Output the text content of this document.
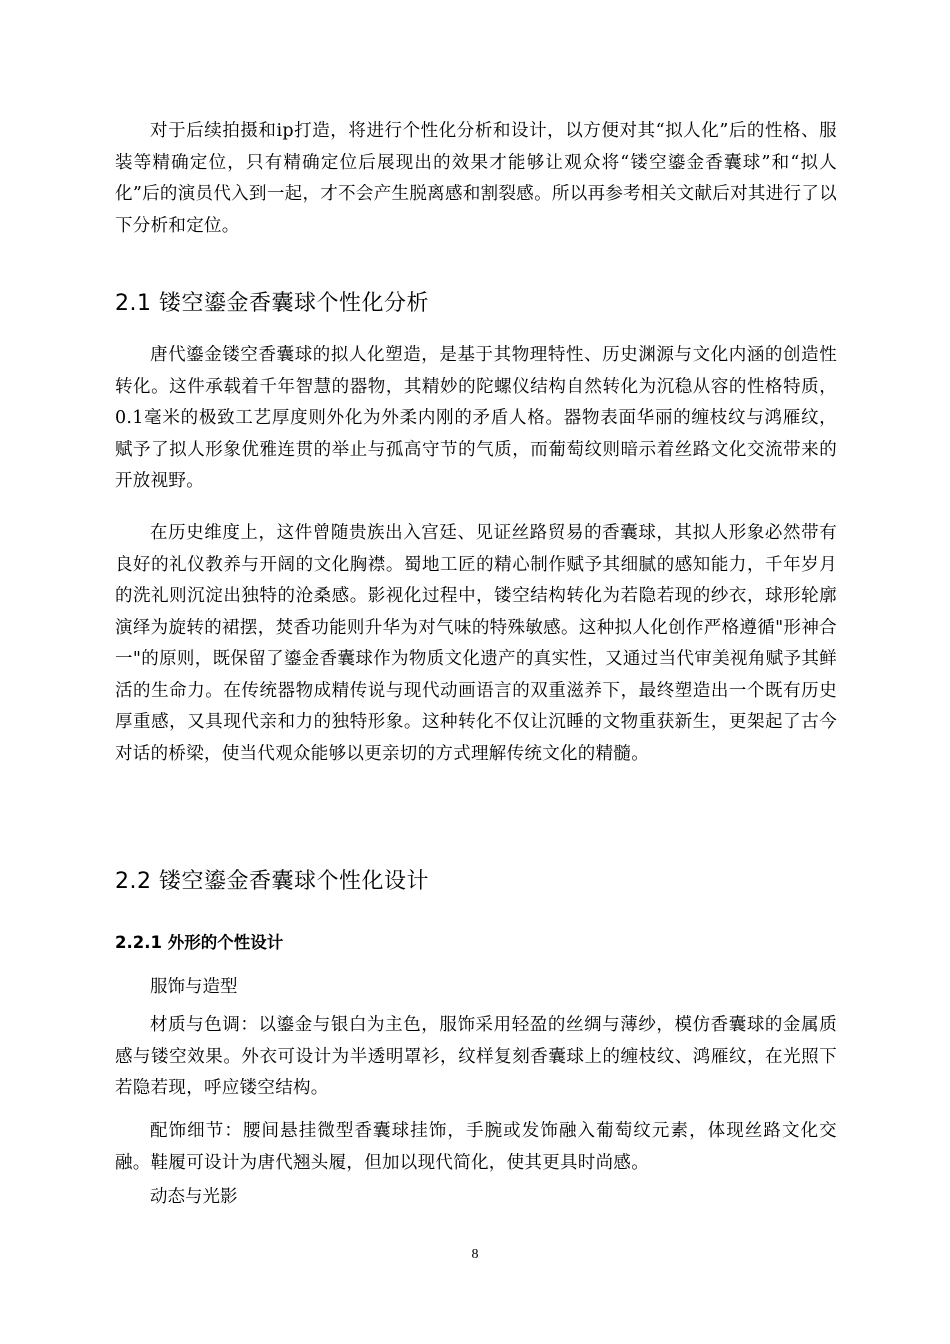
对于后续拍摄和ip打造，将进行个性化分析和设计，以方便对其“拟人化”后的性格、服装等精确定位，只有精确定位后展现出的效果才能够让观众将“镂空鎏金香囊球”和“拟人化”后的演员代入到一起，才不会产生脱离感和割裂感。所以再参考相关文献后对其进行了以下分析和定位。

2.1 镂空鎏金香囊球个性化分析

唐代鎏金镂空香囊球的拟人化塑造，是基于其物理特性、历史渊源与文化内涵的创造性转化。这件承载着千年智慧的器物，其精妙的陀螺仪结构自然转化为沉稳从容的性格特质，0.1毫米的极致工艺厚度则外化为外柔内刚的矛盾人格。器物表面华丽的缠枝纹与鸿雁纹，赋予了拟人形象优雅连贯的举止与孤高守节的气质，而葡萄纹则暗示着丝路文化交流带来的开放视野。

在历史维度上，这件曾随贵族出入宫廷、见证丝路贸易的香囊球，其拟人形象必然带有良好的礼仪教养与开阔的文化胸襟。蜀地工匠的精心制作赋予其细腻的感知能力，千年岁月的洗礼则沉淀出独特的沧桑感。影视化过程中，镂空结构转化为若隐若现的纱衣，球形轮廓演绎为旋转的裙摆，焚香功能则升华为对气味的特殊敏感。这种拟人化创作严格遵循"形神合一"的原则，既保留了鎏金香囊球作为物质文化遗产的真实性，又通过当代审美视角赋予其鲜活的生命力。在传统器物成精传说与现代动画语言的双重滋养下，最终塑造出一个既有历史厚重感，又具现代亲和力的独特形象。这种转化不仅让沉睡的文物重获新生，更架起了古今对话的桥梁，使当代观众能够以更亲切的方式理解传统文化的精髓。

2.2 镂空鎏金香囊球个性化设计
2.2.1 外形的个性设计

服饰与造型

材质与色调：以鎏金与银白为主色，服饰采用轻盈的丝绸与薄纱，模仿香囊球的金属质感与镂空效果。外衣可设计为半透明罩衫，纹样复刻香囊球上的缠枝纹、鸿雁纹，在光照下若隐若现，呼应镂空结构。

配饰细节：腰间悬挂微型香囊球挂饰，手腕或发饰融入葡萄纹元素，体现丝路文化交融。鞋履可设计为唐代翘头履，但加以现代简化，使其更具时尚感。

动态与光影

8
